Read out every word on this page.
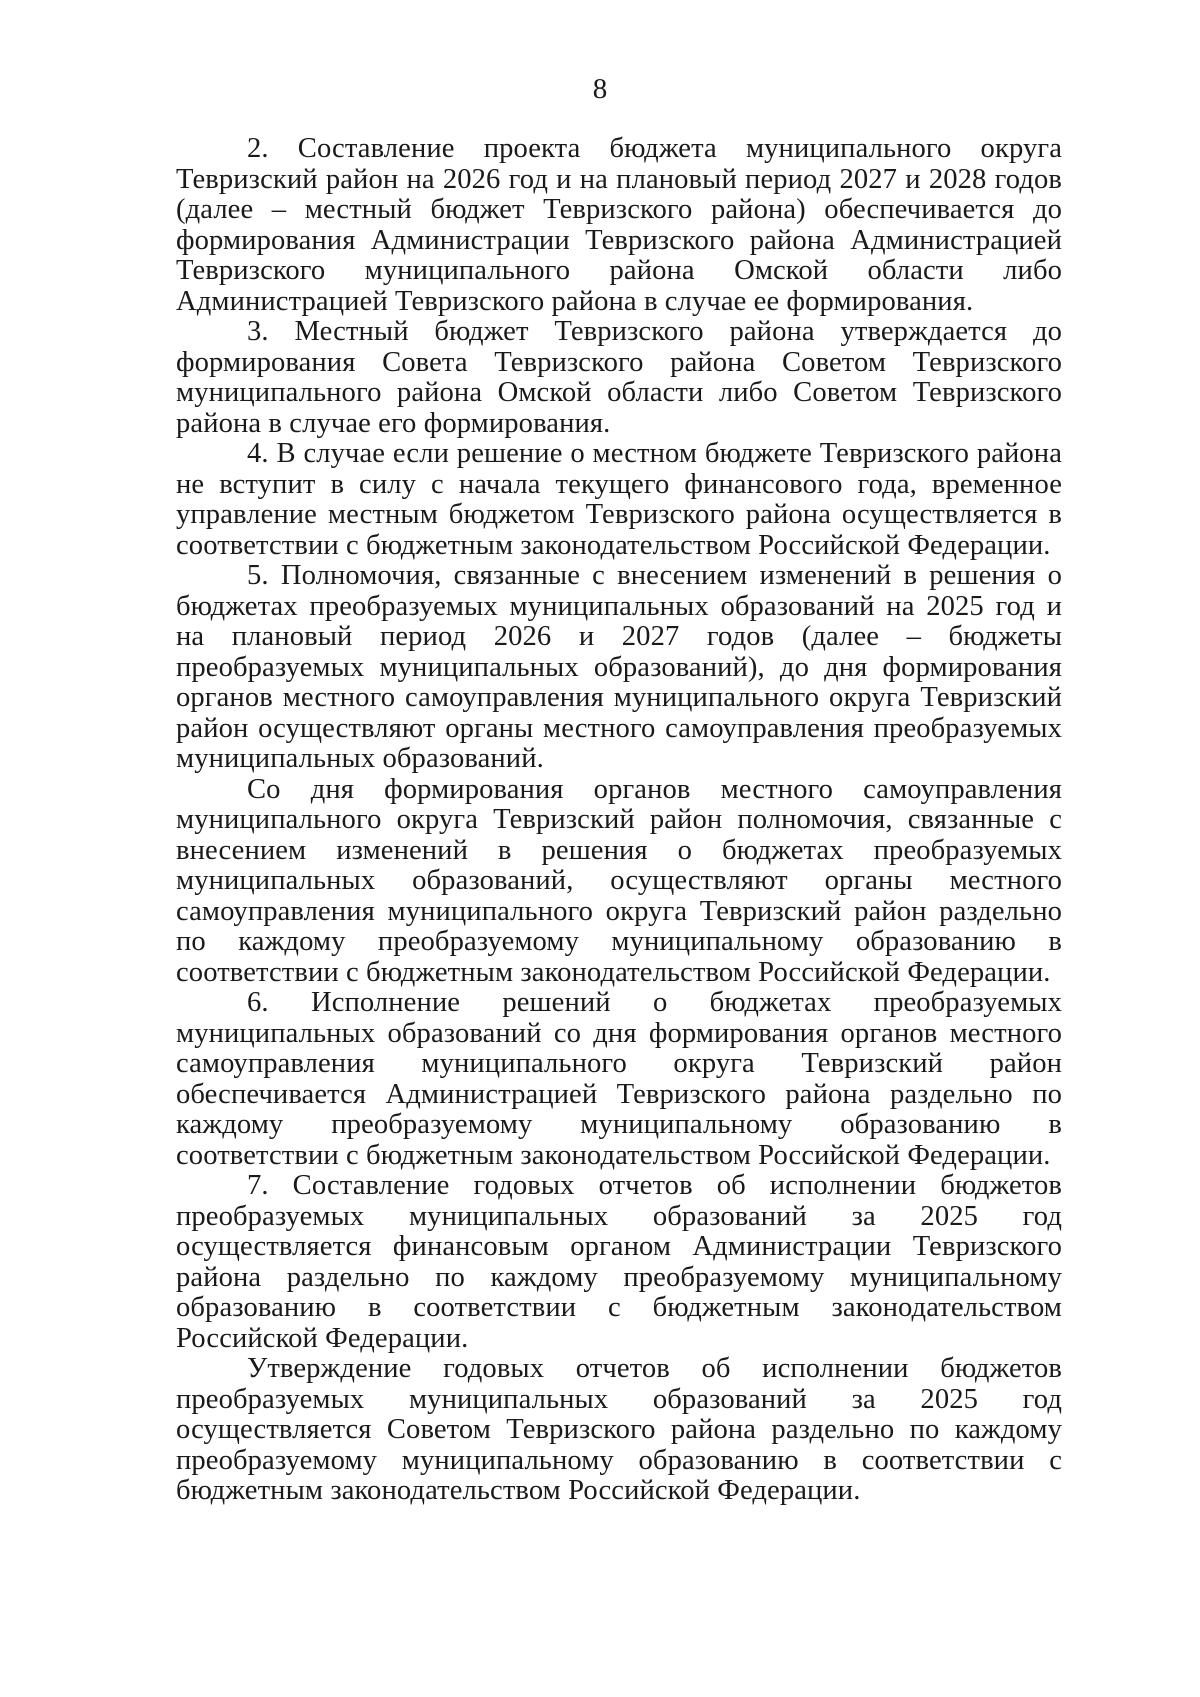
8

2. Составление проекта бюджета муниципального округа Тевризский район на 2026 год и на плановый период 2027 и 2028 годов (далее – местный бюджет Тевризского района) обеспечивается до формирования Администрации Тевризского района Администрацией Тевризского муниципального района Омской области либо Администрацией Тевризского района в случае ее формирования.

3. Местный бюджет Тевризского района утверждается до формирования Совета Тевризского района Советом Тевризского муниципального района Омской области либо Советом Тевризского района в случае его формирования.

4. В случае если решение о местном бюджете Тевризского района не вступит в силу с начала текущего финансового года, временное управление местным бюджетом Тевризского района осуществляется в соответствии с бюджетным законодательством Российской Федерации.

5. Полномочия, связанные с внесением изменений в решения о бюджетах преобразуемых муниципальных образований на 2025 год и на плановый период 2026 и 2027 годов (далее – бюджеты преобразуемых муниципальных образований), до дня формирования органов местного самоуправления муниципального округа Тевризский район осуществляют органы местного самоуправления преобразуемых муниципальных образований.

Со дня формирования органов местного самоуправления муниципального округа Тевризский район полномочия, связанные с внесением изменений в решения о бюджетах преобразуемых муниципальных образований, осуществляют органы местного самоуправления муниципального округа Тевризский район раздельно по каждому преобразуемому муниципальному образованию в соответствии с бюджетным законодательством Российской Федерации.

6. Исполнение решений о бюджетах преобразуемых муниципальных образований со дня формирования органов местного самоуправления муниципального округа Тевризский район обеспечивается Администрацией Тевризского района раздельно по каждому преобразуемому муниципальному образованию в соответствии с бюджетным законодательством Российской Федерации.

7. Составление годовых отчетов об исполнении бюджетов преобразуемых муниципальных образований за 2025 год осуществляется финансовым органом Администрации Тевризского района раздельно по каждому преобразуемому муниципальному образованию в соответствии с бюджетным законодательством Российской Федерации.

Утверждение годовых отчетов об исполнении бюджетов преобразуемых муниципальных образований за 2025 год осуществляется Советом Тевризского района раздельно по каждому преобразуемому муниципальному образованию в соответствии с бюджетным законодательством Российской Федерации.
